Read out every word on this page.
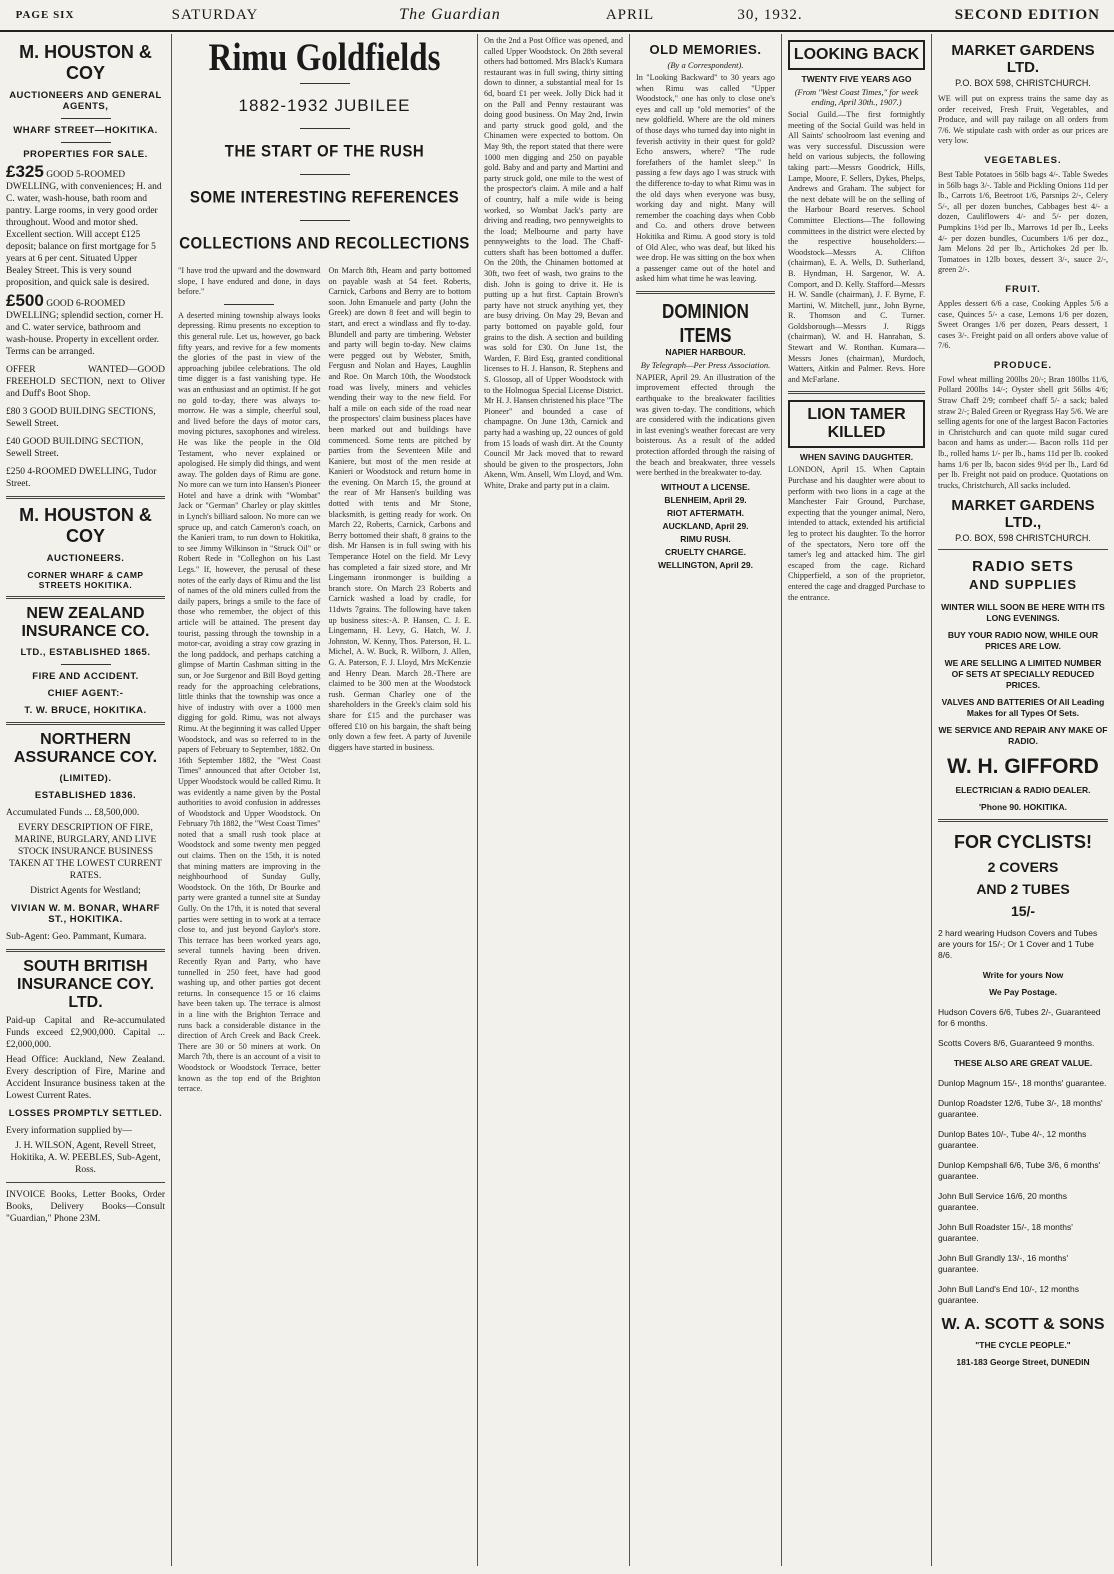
PAGE SIX	SATURDAY	The Guardian	APRIL	30, 1932.	SECOND EDITION
M. HOUSTON & COY
AUCTIONEERS AND GENERAL AGENTS,
WHARF STREET—HOKITIKA.
PROPERTIES FOR SALE.
£325 GOOD 5-ROOMED DWELLING, with conveniences; H. and C. water, wash-house, bath room and pantry. Large rooms, in very good order throughout. Wood and motor shed. Excellent section. Will accept £125 deposit; balance on first mortgage for 5 years at 6 per cent. Situated Upper Bealey Street. This is very sound proposition, and quick sale is desired.
£500 GOOD 6-ROOMED DWELLING; splendid section, corner H. and C. water service, bathroom and wash-house. Property in excellent order. Terms can be arranged.
OFFER WANTED—GOOD FREEHOLD SECTION, next to Oliver and Duff's Boot Shop.
£80 3 GOOD BUILDING SECTIONS, Sewell Street.
£40 GOOD BUILDING SECTION, Sewell Street.
£250 4-ROOMED DWELLING, Tudor Street.
M. HOUSTON & COY
AUCTIONEERS.
CORNER WHARF & CAMP STREETS HOKITIKA.
NEW ZEALAND INSURANCE CO.
LTD., ESTABLISHED 1865.
FIRE AND ACCIDENT.
CHIEF AGENT:-
T. W. BRUCE, HOKITIKA.
NORTHERN ASSURANCE COY.
(LIMITED).
ESTABLISHED 1836.
Accumulated Funds ... £8,500,000.
EVERY DESCRIPTION OF FIRE, MARINE, BURGLARY, AND LIVE STOCK INSURANCE BUSINESS TAKEN AT THE LOWEST CURRENT RATES.
District Agents for Westland;
VIVIAN W. M. BONAR, WHARF ST., HOKITIKA.
Sub-Agent: Geo. Pammant, Kumara.
SOUTH BRITISH INSURANCE COY. LTD.
Paid-up Capital and Re-accumulated Funds exceed £2,900,000. Capital ... £2,000,000.
Head Office: Auckland, New Zealand. Every description of Fire, Marine and Accident Insurance business taken at the Lowest Current Rates.
LOSSES PROMPTLY SETTLED.
Every information supplied by—
J. H. WILSON, Agent, Revell Street, Hokitika, A. W. PEEBLES, Sub-Agent, Ross.
INVOICE Books, Letter Books, Order Books, Delivery Books—Consult "Guardian," Phone 23M.
Rimu Goldfields
1882-1932 JUBILEE
THE START OF THE RUSH
SOME INTERESTING REFERENCES
COLLECTIONS AND RECOLLECTIONS
"I have trod the upward and the downward slope, I have endured and done, in days before."
A deserted mining township always looks depressing. Rimu presents no exception to this general rule. Let us, however, go back fifty years, and revive for a few moments the glories of the past in view of the approaching jubilee celebrations. The old time digger is a fast vanishing type. He was an enthusiast and an optimist. If he got no gold to-day, there was always to-morrow. He was a simple, cheerful soul, and lived before the days of motor cars, moving pictures, saxophones and wireless. He was like the people in the Old Testament, who never explained or apologised. He simply did things, and went away. The golden days of Rimu are gone. No more can we turn into Hansen's Pioneer Hotel and have a drink with "Wombat" Jack or "German" Charley or play skittles in Lynch's billiard saloon. No more can we spruce up, and catch Cameron's coach, on the Kanieri tram, to run down to Hokitika, to see Jimmy Wilkinson in "Struck Oil" or Robert Rede in "Colleghon on his Last Legs." If, however, the perusal of these notes of the early days of Rimu and the list of names of the old miners culled from the daily papers, brings a smile to the face of those who remember, the object of this article will be attained. The present day tourist, passing through the township in a motor-car, avoiding a stray cow grazing in the long paddock, and perhaps catching a glimpse of Martin Cashman sitting in the sun, or Joe Surgenor and Bill Boyd getting ready for the approaching celebrations, little thinks that the township was once a hive of industry with over a 1000 men digging for gold. Rimu, was not always Rimu. At the beginning it was called Upper Woodstock, and was so referred to in the papers of February to September, 1882. On 16th September 1882, the "West Coast Times" announced that after October 1st, Upper Woodstock would be called Rimu. It was evidently a name given by the Postal authorities to avoid confusion in addresses of Woodstock and Upper Woodstock. On February 7th 1882, the "West Coast Times" noted that a small rush took place at Woodstock and some twenty men pegged out claims. Then on the 15th, it is noted that mining matters are improving in the neighbourhood of Sunday Gully, Woodstock. On the 16th, Dr Bourke and party were granted a tunnel site at Sunday Gully. On the 17th, it is noted that several parties were setting in to work at a terrace close to, and just beyond Gaylor's store. This terrace has been worked years ago, several tunnels having been driven. Recently Ryan and Party, who have tunnelled in 250 feet, have had good washing up, and other parties got decent returns. In consequence 15 or 16 claims have been taken up. The terrace is almost in a line with the Brighton Terrace and runs back a considerable distance in the direction of Arch Creek and Back Creek. There are 30 or 50 miners at work. On March 7th, there is an account of a visit to Woodstock or Woodstock Terrace, better known as the top end of the Brighton terrace.
On March 8th, Hearn and party bottomed on payable wash at 54 feet. Roberts, Carnick, Carbons and Berry are to bottom soon. John Emanuele and party (John the Greek) are down 8 feet and will begin to start, and erect a windlass and fly to-day. Blundell and party are timbering. Webster and party will begin to-day. New claims were pegged out by Webster, Smith, Fergusn and Nolan and Hayes, Laughlin and Roe. On March 10th, the Woodstock road was lively, miners and vehicles wending their way to the new field. For half a mile on each side of the road near the prospectors' claim business places have been marked out and buildings have commenced. Some tents are pitched by parties from the Seventeen Mile and Kaniere, but most of the men reside at Kanieri or Woodstock and return home in the evening. On March 15, the ground at the rear of Mr Hansen's building was dotted with tents and Mr Stone, blacksmith, is getting ready for work. On March 22, Roberts, Carnick, Carbons and Berry bottomed their shaft, 8 grains to the dish. Mr Hansen is in full swing with his Temperance Hotel on the field. Mr Levy has completed a fair sized store, and Mr Lingemann ironmonger is building a branch store. On March 23 Roberts and Carnick washed a load by cradle, for 11dwts 7grains. The following have taken up business sites:-A. P. Hansen, C. J. E. Lingemann, H. Levy, G. Hatch, W. J. Johnston, W. Kenny, Thos. Paterson, H. L. Michel, A. W. Buck, R. Wilborn, J. Allen, G. A. Paterson, F. J. Lloyd, Mrs McKenzie and Henry Dean. March 28.-There are claimed to be 300 men at the Woodstock rush. German Charley one of the shareholders in the Greek's claim sold his share for £15 and the purchaser was offered £10 on his bargain, the shaft being only down a few feet. A party of Juvenile diggers have started in business.
On the 2nd a Post Office was opened, and called Upper Woodstock. On 28th several others had bottomed. Mrs Black's Kumara restaurant was in full swing, thirty sitting down to dinner, a substantial meal for 1s 6d, board £1 per week. Jolly Dick had it on the Pall and Penny restaurant was doing good business. On May 2nd, Irwin and party struck good gold, and the Chinamen were expected to bottom. On May 9th, the report stated that there were 1000 men digging and 250 on payable gold. Baby and and party and Martini and party struck gold, one mile to the west of the prospector's claim. A mile and a half of country, half a mile wide is being worked, so Wombat Jack's party are driving and reading, two pennyweights to the load; Melbourne and party have pennyweights to the load. The Chaff-cutters shaft has been bottomed a duffer. On the 20th, the Chinamen bottomed at 30ft, two feet of wash, two grains to the dish. John is going to drive it. He is putting up a hut first. Captain Brown's party have not struck anything yet, they are busy driving. On May 29, Bevan and party bottomed on payable gold, four grains to the dish. A section and building was sold for £30. On June 1st, the Warden, F. Bird Esq, granted conditional licenses to H. J. Hanson, R. Stephens and S. Glossop, all of Upper Woodstock with to the Holmogua Special License District. Mr H. J. Hansen christened his place "The Pioneer" and bounded a case of champagne. On June 13th, Carnick and party had a washing up, 22 ounces of gold from 15 loads of wash dirt. At the County Council Mr Jack moved that to reward should be given to the prospectors, John Akenn, Wm. Ansell, Wm Lloyd, and Wm. White, Drake and party put in a claim.
OLD MEMORIES.
(By a Correspondent).
In "Looking Backward" to 30 years ago when Rimu was called "Upper Woodstock," one has only to close one's eyes and call up "old memories" of the new goldfield. Where are the old miners of those days who turned day into night in feverish activity in their quest for gold? Echo answers, where? "The rude forefathers of the hamlet sleep." In passing a few days ago I was struck with the difference to-day to what Rimu was in the old days when everyone was busy, working day and night. Many will remember the coaching days when Cobb and Co. and others drove between Hokitika and Rimu. A good story is told of Old Alec, who was deaf, but liked his wee drop. He was sitting on the box when a passenger came out of the hotel and asked him what time he was leaving.
DOMINION ITEMS
NAPIER HARBOUR.
By Telegraph—Per Press Association.
NAPIER, April 29. An illustration of the improvement effected through the earthquake to the breakwater facilities was given to-day. The conditions, which are considered with the indications given in last evening's weather forecast are very boisterous. As a result of the added protection afforded through the raising of the beach and breakwater, three vessels were berthed in the breakwater to-day.
WITHOUT A LICENSE.
BLENHEIM, April 29.
RIOT AFTERMATH.
AUCKLAND, April 29.
RIMU RUSH.
CRUELTY CHARGE.
WELLINGTON, April 29.
LOOKING BACK
TWENTY FIVE YEARS AGO
(From "West Coast Times," for week ending, April 30th., 1907.)
Social Guild.—The first fortnightly meeting of the Social Guild was held in All Saints' schoolroom last evening and was very successful. Discussion were held on various subjects, the following taking part:—Messrs Goodrick, Hills, Lampe, Moore, F. Sellers, Dykes, Phelps, Andrews and Graham. The subject for the next debate will be on the selling of the Harbour Board reserves. School Committee Elections—The following committees in the district were elected by the respective householders:—Woodstock—Messrs A. Clifton (chairman), E. A. Wells, D. Sutherland, B. Hyndman, H. Sargenor, W. A. Comport, and D. Kelly. Stafford—Messrs H. W. Sandle (chairman), J. F. Byrne, F. Martini, W. Mitchell, junr., John Byrne, R. Thomson and C. Turner. Goldsborough—Messrs J. Riggs (chairman), W. and H. Hanrahan, S. Stewart and W. Ronthan. Kumara—Messrs Jones (chairman), Murdoch, Watters, Aitkin and Palmer. Revs. Hore and McFarlane.
LION TAMER KILLED
WHEN SAVING DAUGHTER.
LONDON, April 15. When Captain Purchase and his daughter were about to perform with two lions in a cage at the Manchester Fair Ground, Purchase, expecting that the younger animal, Nero, intended to attack, extended his artificial leg to protect his daughter. To the horror of the spectators, Nero tore off the tamer's leg and attacked him. The girl escaped from the cage. Richard Chipperfield, a son of the proprietor, entered the cage and dragged Purchase to the entrance.
MARKET GARDENS LTD.
P.O. BOX 598, CHRISTCHURCH.
WE will put on express trains the same day as order received, Fresh Fruit, Vegetables, and Produce, and will pay railage on all orders from 7/6. We stipulate cash with order as our prices are very low.
VEGETABLES.
Best Table Potatoes in 56lb bags 4/-. Table Swedes in 56lb bags 3/-. Table and Pickling Onions 11d per lb., Carrots 1/6, Beetroot 1/6, Parsnips 2/-, Celery 5/-, all per dozen bunches, Cabbages best 4/- a dozen, Cauliflowers 4/- and 5/- per dozen, Pumpkins 1½d per lb., Marrows 1d per lb., Leeks 4/- per dozen bundles, Cucumbers 1/6 per doz., Jam Melons 2d per lb., Artichokes 2d per lb. Tomatoes in 12lb boxes, dessert 3/-, sauce 2/-, green 2/-.
FRUIT.
Apples dessert 6/6 a case, Cooking Apples 5/6 a case, Quinces 5/- a case, Lemons 1/6 per dozen, Sweet Oranges 1/6 per dozen, Pears dessert, 1 cases 3/-. Freight paid on all orders above value of 7/6.
PRODUCE.
Fowl wheat milling 200lbs 20/-; Bran 180lbs 11/6, Pollard 200lbs 14/-; Oyster shell grit 56lbs 4/6; Straw Chaff 2/9; cornbeef chaff 5/- a sack; baled straw 2/-; Baled Green or Ryegrass Hay 5/6. We are selling agents for one of the largest Bacon Factories in Christchurch and can quote mild sugar cured bacon and hams as under:— Bacon rolls 11d per lb., rolled hams 1/- per lb., hams 11d per lb. cooked hams 1/6 per lb, bacon sides 9½d per lb., Lard 6d per lb. Freight not paid on produce. Quotations on trucks, Christchurch, All sacks included.
MARKET GARDENS LTD.,
P.O. BOX, 598 CHRISTCHURCH.
RADIO SETS
AND SUPPLIES
WINTER WILL SOON BE HERE WITH ITS LONG EVENINGS.
BUY YOUR RADIO NOW, WHILE OUR PRICES ARE LOW.
WE ARE SELLING A LIMITED NUMBER OF SETS AT SPECIALLY REDUCED PRICES.
VALVES AND BATTERIES Of All Leading Makes for all Types Of Sets.
WE SERVICE AND REPAIR ANY MAKE OF RADIO.
W. H. GIFFORD
ELECTRICIAN & RADIO DEALER.
'Phone 90. HOKITIKA.
FOR CYCLISTS!
2 COVERS
AND 2 TUBES
15/-
2 hard wearing Hudson Covers and Tubes are yours for 15/-; Or 1 Cover and 1 Tube 8/6.
Write for yours Now
We Pay Postage.
Hudson Covers 6/6, Tubes 2/-, Guaranteed for 6 months.
Scotts Covers 8/6, Guaranteed 9 months.
THESE ALSO ARE GREAT VALUE.
Dunlop Magnum 15/-, 18 months' guarantee.
Dunlop Roadster 12/6, Tube 3/-, 18 months' guarantee.
Dunlop Bates 10/-, Tube 4/-, 12 months guarantee.
Dunlop Kempshall 6/6, Tube 3/6, 6 months' guarantee.
John Bull Service 16/6, 20 months guarantee.
John Bull Roadster 15/-, 18 months' guarantee.
John Bull Grandly 13/-, 16 months' guarantee.
John Bull Land's End 10/-, 12 months guarantee.
W. A. SCOTT & SONS
"THE CYCLE PEOPLE."
181-183 George Street, DUNEDIN
